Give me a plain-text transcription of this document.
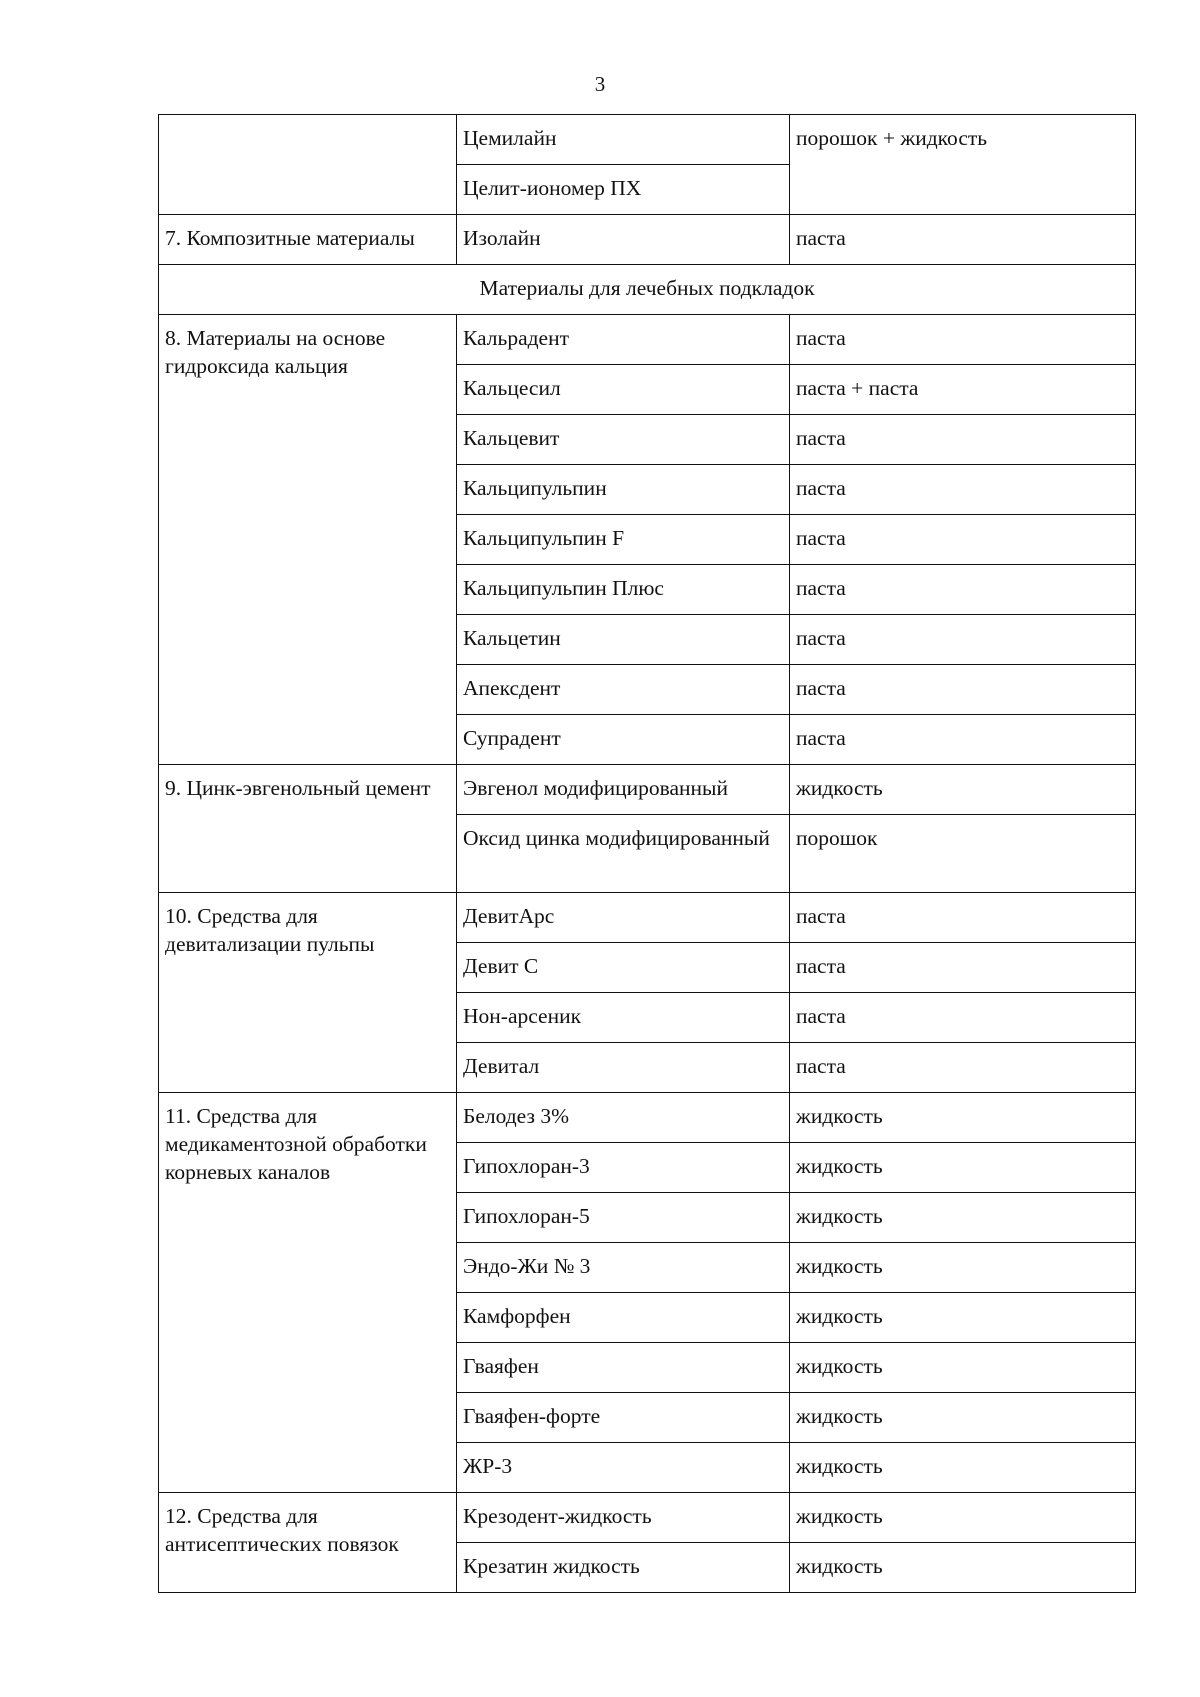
3
	Цемилайн	порошок + жидкость
	Целит-иономер ПХ	
7. Композитные материалы	Изолайн	паста
Материалы для лечебных подкладок		
8. Материалы на основе гидроксида кальция	Кальрадент	паста
	Кальцесил	паста + паста
	Кальцевит	паста
	Кальципульпин	паста
	Кальципульпин F	паста
	Кальципульпин Плюс	паста
	Кальцетин	паста
	Апексдент	паста
	Супрадент	паста
9. Цинк-эвгенольный цемент	Эвгенол модифицированный	жидкость
	Оксид цинка модифицированный	порошок
10. Средства для девитализации пульпы	ДевитАрс	паста
	Девит С	паста
	Нон-арсеник	паста
	Девитал	паста
11. Средства для медикаментозной обработки корневых каналов	Белодез 3%	жидкость
	Гипохлоран-3	жидкость
	Гипохлоран-5	жидкость
	Эндо-Жи № 3	жидкость
	Камфорфен	жидкость
	Гваяфен	жидкость
	Гваяфен-форте	жидкость
	ЖР-3	жидкость
12. Средства для антисептических повязок	Крезодент-жидкость	жидкость
	Крезатин жидкость	жидкость
